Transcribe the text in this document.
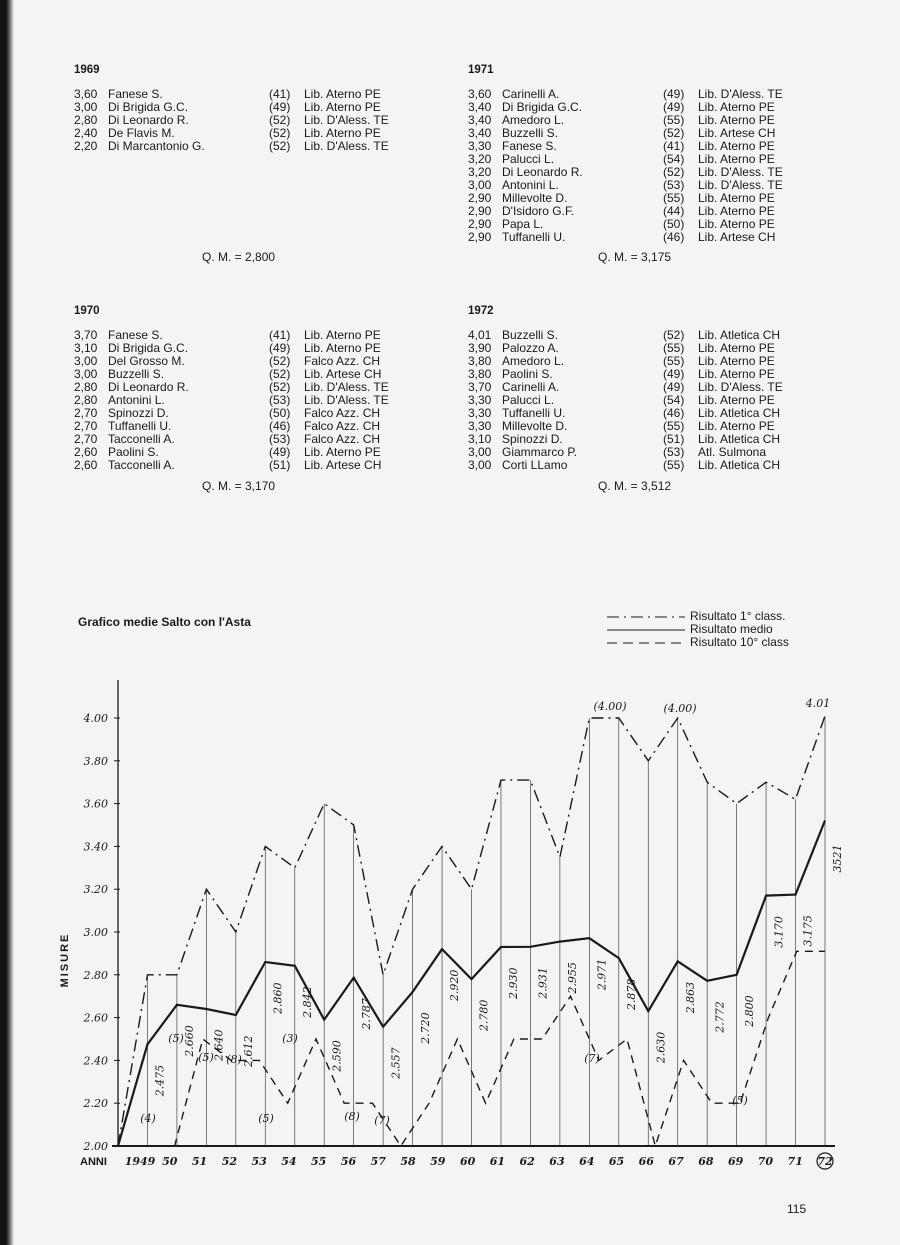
1969
3,60 Fanese S.	(41) Lib. Aterno PE
3,00 Di Brigida G.C.	(49) Lib. Aterno PE
2,80 Di Leonardo R.	(52) Lib. D'Aless. TE
2,40 De Flavis M.	(52) Lib. Aterno PE
2,20 Di Marcantonio G.	(52) Lib. D'Aless. TE
Q. M. = 2,800
1971
3,60 Carinelli A.	(49) Lib. D'Aless. TE
3,40 Di Brigida G.C.	(49) Lib. Aterno PE
3,40 Amedoro L.	(55) Lib. Aterno PE
3,40 Buzzelli S.	(52) Lib. Artese CH
3,30 Fanese S.	(41) Lib. Aterno PE
3,20 Palucci L.	(54) Lib. Aterno PE
3,20 Di Leonardo R.	(52) Lib. D'Aless. TE
3,00 Antonini L.	(53) Lib. D'Aless. TE
2,90 Millevolte D.	(55) Lib. Aterno PE
2,90 D'Isidoro G.F.	(44) Lib. Aterno PE
2,90 Papa L.	(50) Lib. Aterno PE
2,90 Tuffanelli U.	(46) Lib. Artese CH
Q. M. = 3,175
1970
3,70 Fanese S.	(41) Lib. Aterno PE
3,10 Di Brigida G.C.	(49) Lib. Aterno PE
3,00 Del Grosso M.	(52) Falco Azz. CH
3,00 Buzzelli S.	(52) Lib. Artese CH
2,80 Di Leonardo R.	(52) Lib. D'Aless. TE
2,80 Antonini L.	(53) Lib. D'Aless. TE
2,70 Spinozzi D.	(50) Falco Azz. CH
2,70 Tuffanelli U.	(46) Falco Azz. CH
2,70 Tacconelli A.	(53) Falco Azz. CH
2,60 Paolini S.	(49) Lib. Aterno PE
2,60 Tacconelli A.	(51) Lib. Artese CH
Q. M. = 3,170
1972
4,01 Buzzelli S.	(52) Lib. Atletica CH
3,90 Palozzo A.	(55) Lib. Aterno PE
3,80 Amedoro L.	(55) Lib. Aterno PE
3,80 Paolini S.	(49) Lib. Aterno PE
3,70 Carinelli A.	(49) Lib. D'Aless. TE
3,30 Palucci L.	(54) Lib. Aterno PE
3,30 Tuffanelli U.	(46) Lib. Atletica CH
3,30 Millevolte D.	(55) Lib. Aterno PE
3,10 Spinozzi D.	(51) Lib. Atletica CH
3,00 Giammarco P.	(53) Atl. Sulmona
3,00 Corti LLamo	(55) Lib. Atletica CH
Q. M. = 3,512
Grafico medie Salto con l'Asta	Risultato 1° class.
Risultato medio
Risultato 10° class
2.00
2.20
2.40
2.60
2.80
3.00
3.20
3.40
3.60
3.80
4.00
MISURE
ANNI 1949 50 51 52 53 54 55 56 57 58 59 60 61 62 63 64 65 66 67 68 69 70 71 72
2.475
2.660 2.640 2.612
2.860 2.842
2.590
2.787
2.557
2.720
2.920
2.780
2.930 2.931 2.955 2.971
2.878
2.630
2.863
2.772 2.800
3.170 3.175
3521
(4)
(5)
(5) (8)
(5)
(3)
(8) (7)
(7)
(5)
(4.00)	(4.00)	4.01
115
